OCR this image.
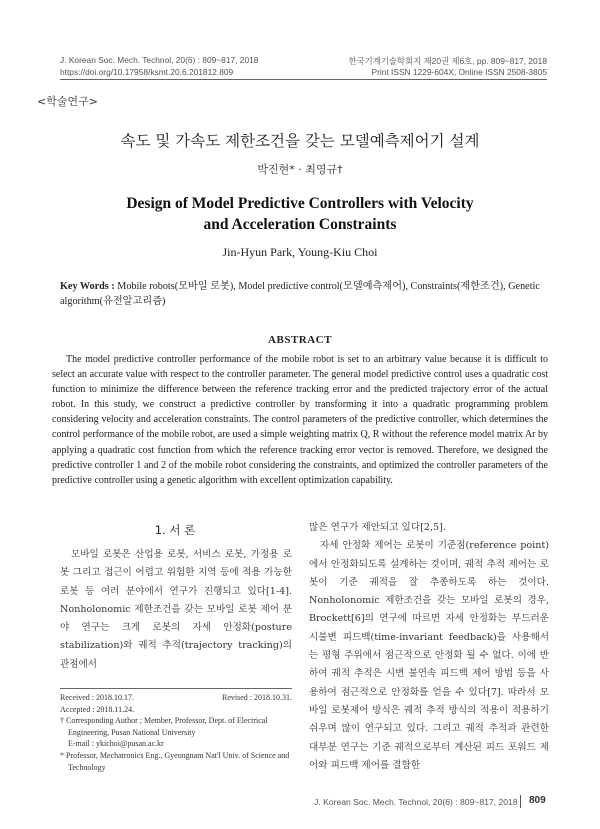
J. Korean Soc. Mech. Technol, 20(6) : 809~817, 2018
https://doi.org/10.17958/ksmt.20.6.201812.809
한국기계기술학회지 제20권 제6호, pp. 809~817, 2018
Print ISSN 1229-604X, Online ISSN 2508-3805
<학술연구>
속도 및 가속도 제한조건을 갖는 모델예측제어기 설계
박진현* · 최영규†
Design of Model Predictive Controllers with Velocity
and Acceleration Constraints
Jin-Hyun Park, Young-Kiu Choi
Key Words : Mobile robots(모바일 로봇), Model predictive control(모델예측제어), Constraints(제한조건), Genetic algorithm(유전알고리즘)
ABSTRACT
The model predictive controller performance of the mobile robot is set to an arbitrary value because it is difficult to select an accurate value with respect to the controller parameter. The general model predictive control uses a quadratic cost function to minimize the difference between the reference tracking error and the predicted trajectory error of the actual robot. In this study, we construct a predictive controller by transforming it into a quadratic programming problem considering velocity and acceleration constraints. The control parameters of the predictive controller, which determines the control performance of the mobile robot, are used a simple weighting matrix Q, R without the reference model matrix Ar by applying a quadratic cost function from which the reference tracking error vector is removed. Therefore, we designed the predictive controller 1 and 2 of the mobile robot considering the constraints, and optimized the controller parameters of the predictive controller using a genetic algorithm with excellent optimization capability.
1. 서 론

모바일 로봇은 산업용 로봇, 서비스 로봇, 가정용 로봇 그리고 접근이 어렵고 위험한 지역 등에 적용 가능한 로봇 등 여러 분야에서 연구가 진행되고 있다[1-4]. Nonholonomic 제한조건을 갖는 모바일 로봇 제어 분야 연구는 크게 로봇의 자세 안정화(posture stabilization)와 궤적 추적(trajectory tracking)의 관점에서

Received : 2018.10.17.	Revised : 2018.10.31.
Accepted : 2018.11.24.
† Corresponding Author ; Member, Professor, Dept. of Electrical Engineering, Pusan National University
E-mail : ykichoi@pusan.ac.kr
* Professor, Mechatronics Eng., Gyeongnam Nat'l Univ. of Science and Technology

많은 연구가 제안되고 있다[2,5].

자세 안정화 제어는 로봇이 기준점(reference point)에서 안정화되도록 설계하는 것이며, 궤적 추적 제어는 로봇이 기준 궤적을 잘 추종하도록 하는 것이다. Nonholonomic 제한조건을 갖는 모바일 로봇의 경우, Brockett[6]의 연구에 따르면 자세 안정화는 부드러운 시불변 피드백(time-invariant feedback)을 사용해서는 평형 주위에서 점근적으로 안정화 될 수 없다. 이에 반하여 궤적 추적은 시변 불연속 피드백 제어 방법 등을 사용하여 점근적으로 안정화를 얻을 수 있다[7]. 따라서 모바일 로봇제어 방식은 궤적 추적 방식의 적용이 적용하기 쉬우며 많이 연구되고 있다. 그리고 궤적 추적과 관련한 대부분 연구는 기준 궤적으로부터 계산된 피드 포워드 제어와 피드백 제어를 결합한

J. Korean Soc. Mech. Technol, 20(6) : 809~817, 2018 809
